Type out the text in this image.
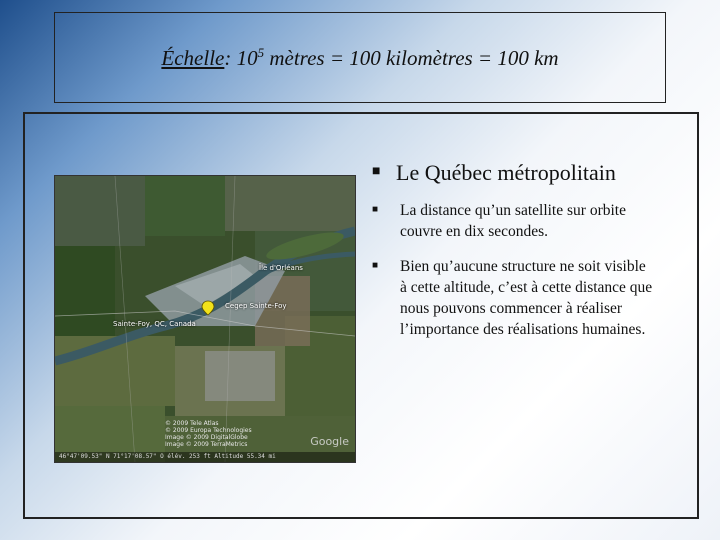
Échelle: $10^5$ mètres = 100 kilomètres = 100 km
Île d'Orléans
Cegep Sainte-Foy
Sainte-Foy, QC, Canada
© 2009 Tele Atlas
© 2009 Europa Technologies
Image © 2009 DigitalGlobe
Image © 2009 TerraMetrics	Google
46°47'09.53" N 71°17'08.57" O élév. 253 ft Altitude 55.34 mi
■ Le Québec métropolitain
■	La distance qu’un satellite sur orbite couvre en dix secondes.
■	Bien qu’aucune structure ne soit visible à cette altitude, c’est à cette distance que nous pouvons commencer à réaliser l’importance des réalisations humaines.
